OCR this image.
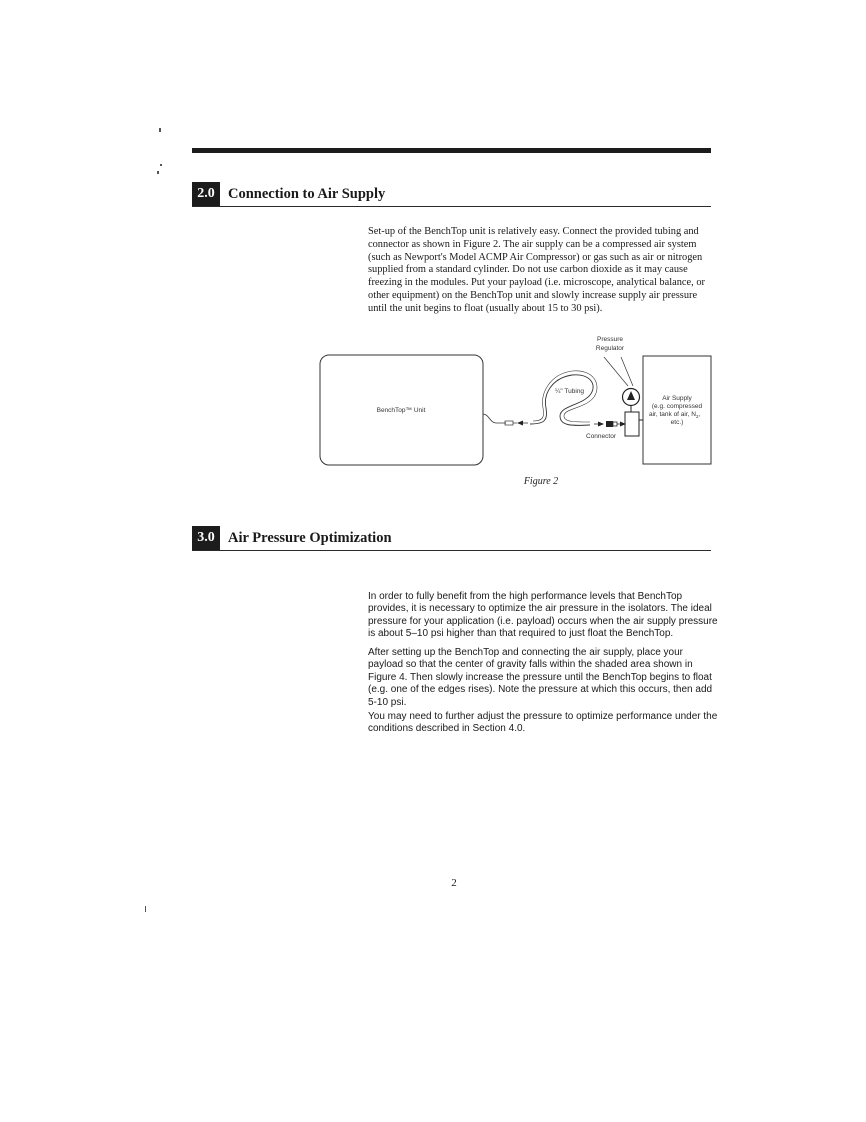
2.0 Connection to Air Supply

Set-up of the BenchTop unit is relatively easy. Connect the provided tubing and connector as shown in Figure 2. The air supply can be a compressed air system (such as Newport's Model ACMP Air Compressor) or gas such as air or nitrogen supplied from a standard cylinder. Do not use carbon dioxide as it may cause freezing in the modules. Put your payload (i.e. microscope, analytical balance, or other equipment) on the BenchTop unit and slowly increase supply air pressure until the unit begins to float (usually about 15 to 30 psi).

BenchTop™ Unit
¼" Tubing
Connector
Pressure
Regulator
Air Supply
(e.g. compressed
air, tank of air, $N_2$,
etc.)
Figure 2
3.0 Air Pressure Optimization

In order to fully benefit from the high performance levels that BenchTop provides, it is necessary to optimize the air pressure in the isolators. The ideal pressure for your application (i.e. payload) occurs when the air supply pressure is about 5–10 psi higher than that required to just float the BenchTop.

After setting up the BenchTop and connecting the air supply, place your payload so that the center of gravity falls within the shaded area shown in Figure 4. Then slowly increase the pressure until the BenchTop begins to float (e.g. one of the edges rises). Note the pressure at which this occurs, then add 5-10 psi.

You may need to further adjust the pressure to optimize performance under the conditions described in Section 4.0.

2
